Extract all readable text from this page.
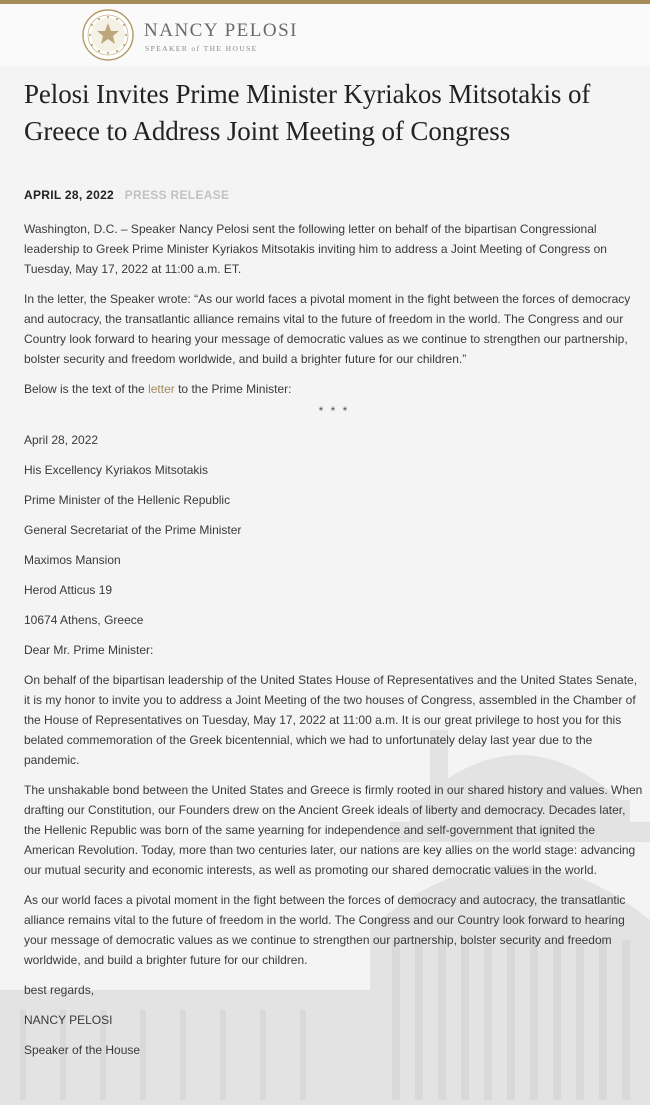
NANCY PELOSI
SPEAKER of THE HOUSE
Pelosi Invites Prime Minister Kyriakos Mitsotakis of Greece to Address Joint Meeting of Congress
APRIL 28, 2022 PRESS RELEASE

Washington, D.C. – Speaker Nancy Pelosi sent the following letter on behalf of the bipartisan Congressional leadership to Greek Prime Minister Kyriakos Mitsotakis inviting him to address a Joint Meeting of Congress on Tuesday, May 17, 2022 at 11:00 a.m. ET.

In the letter, the Speaker wrote: “As our world faces a pivotal moment in the fight between the forces of democracy and autocracy, the transatlantic alliance remains vital to the future of freedom in the world. The Congress and our Country look forward to hearing your message of democratic values as we continue to strengthen our partnership, bolster security and freedom worldwide, and build a brighter future for our children.”

Below is the text of the letter to the Prime Minister:

* * *

April 28, 2022

His Excellency Kyriakos Mitsotakis

Prime Minister of the Hellenic Republic

General Secretariat of the Prime Minister

Maximos Mansion

Herod Atticus 19

10674 Athens, Greece

Dear Mr. Prime Minister:

On behalf of the bipartisan leadership of the United States House of Representatives and the United States Senate, it is my honor to invite you to address a Joint Meeting of the two houses of Congress, assembled in the Chamber of the House of Representatives on Tuesday, May 17, 2022 at 11:00 a.m. It is our great privilege to host you for this belated commemoration of the Greek bicentennial, which we had to unfortunately delay last year due to the pandemic.

The unshakable bond between the United States and Greece is firmly rooted in our shared history and values. When drafting our Constitution, our Founders drew on the Ancient Greek ideals of liberty and democracy. Decades later, the Hellenic Republic was born of the same yearning for independence and self-government that ignited the American Revolution. Today, more than two centuries later, our nations are key allies on the world stage: advancing our mutual security and economic interests, as well as promoting our shared democratic values in the world.

As our world faces a pivotal moment in the fight between the forces of democracy and autocracy, the transatlantic alliance remains vital to the future of freedom in the world. The Congress and our Country look forward to hearing your message of democratic values as we continue to strengthen our partnership, bolster security and freedom worldwide, and build a brighter future for our children.

best regards,

NANCY PELOSI

Speaker of the House
